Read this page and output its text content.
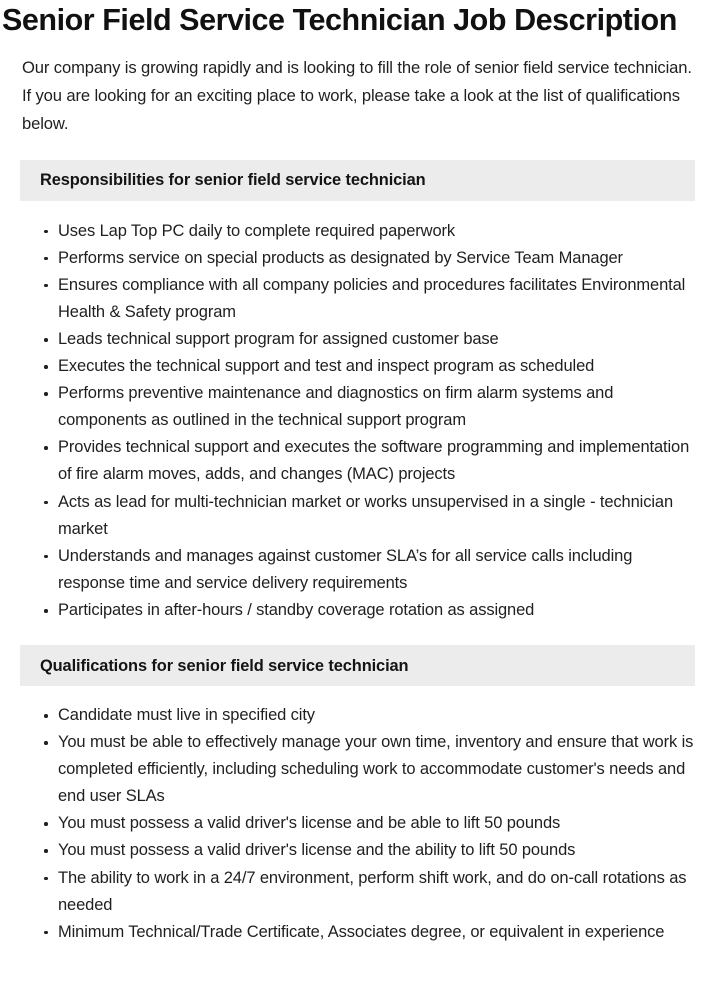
Senior Field Service Technician Job Description

Our company is growing rapidly and is looking to fill the role of senior field service technician. If you are looking for an exciting place to work, please take a look at the list of qualifications below.

Responsibilities for senior field service technician
Uses Lap Top PC daily to complete required paperwork
Performs service on special products as designated by Service Team Manager
Ensures compliance with all company policies and procedures facilitates Environmental Health & Safety program
Leads technical support program for assigned customer base
Executes the technical support and test and inspect program as scheduled
Performs preventive maintenance and diagnostics on firm alarm systems and components as outlined in the technical support program
Provides technical support and executes the software programming and implementation of fire alarm moves, adds, and changes (MAC) projects
Acts as lead for multi-technician market or works unsupervised in a single - technician market
Understands and manages against customer SLA’s for all service calls including response time and service delivery requirements
Participates in after-hours / standby coverage rotation as assigned
Qualifications for senior field service technician
Candidate must live in specified city
You must be able to effectively manage your own time, inventory and ensure that work is completed efficiently, including scheduling work to accommodate customer's needs and end user SLAs
You must possess a valid driver's license and be able to lift 50 pounds
You must possess a valid driver's license and the ability to lift 50 pounds
The ability to work in a 24/7 environment, perform shift work, and do on-call rotations as needed
Minimum Technical/Trade Certificate, Associates degree, or equivalent in experience
